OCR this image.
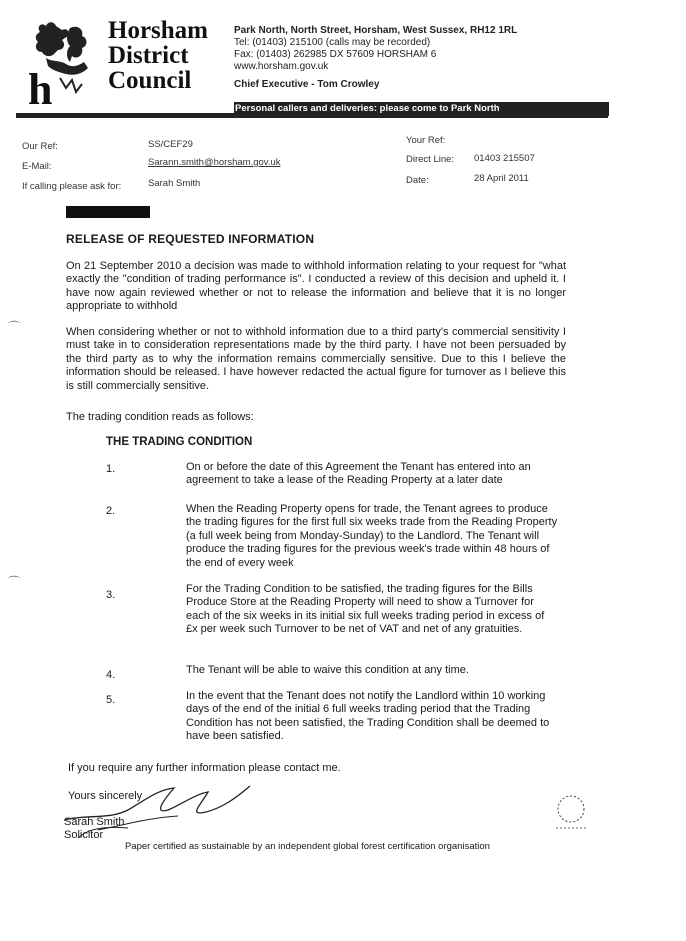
h
Horsham
District
Council
Park North, North Street, Horsham, West Sussex, RH12 1RL
Tel: (01403) 215100 (calls may be recorded)
Fax: (01403) 262985 DX 57609 HORSHAM 6
www.horsham.gov.uk
Chief Executive - Tom Crowley
Personal callers and deliveries: please come to Park North
Our Ref:	SS/CEF29
E-Mail:	Sarann.smith@horsham.gov.uk
If calling please ask for:	Sarah Smith
Your Ref:
Direct Line: 01403 215507
Date:	28 April 2011
RELEASE OF REQUESTED INFORMATION
On 21 September 2010 a decision was made to withhold information relating to your request for "what exactly the "condition of trading performance is". I conducted a review of this decision and upheld it. I have now again reviewed whether or not to release the information and believe that it is no longer appropriate to withhold
When considering whether or not to withhold information due to a third party's commercial sensitivity I must take in to consideration representations made by the third party. I have not been persuaded by the third party as to why the information remains commercially sensitive. Due to this I believe the information should be released. I have however redacted the actual figure for turnover as I believe this is still commercially sensitive.
The trading condition reads as follows:
THE TRADING CONDITION
1.	On or before the date of this Agreement the Tenant has entered into an agreement to take a lease of the Reading Property at a later date
2.	When the Reading Property opens for trade, the Tenant agrees to produce the trading figures for the first full six weeks trade from the Reading Property (a full week being from Monday-Sunday) to the Landlord. The Tenant will produce the trading figures for the previous week's trade within 48 hours of the end of every week
3.	For the Trading Condition to be satisfied, the trading figures for the Bills Produce Store at the Reading Property will need to show a Turnover for each of the six weeks in its initial six full weeks trading period in excess of £x per week such Turnover to be net of VAT and net of any gratuities.
4.	The Tenant will be able to waive this condition at any time.
5.	In the event that the Tenant does not notify the Landlord within 10 working days of the end of the initial 6 full weeks trading period that the Trading Condition has not been satisfied, the Trading Condition shall be deemed to have been satisfied.
If you require any further information please contact me.
Yours sincerely
Sarah Smith
Solicitor
Paper certified as sustainable by an independent global forest certification organisation
⌒
⌒
